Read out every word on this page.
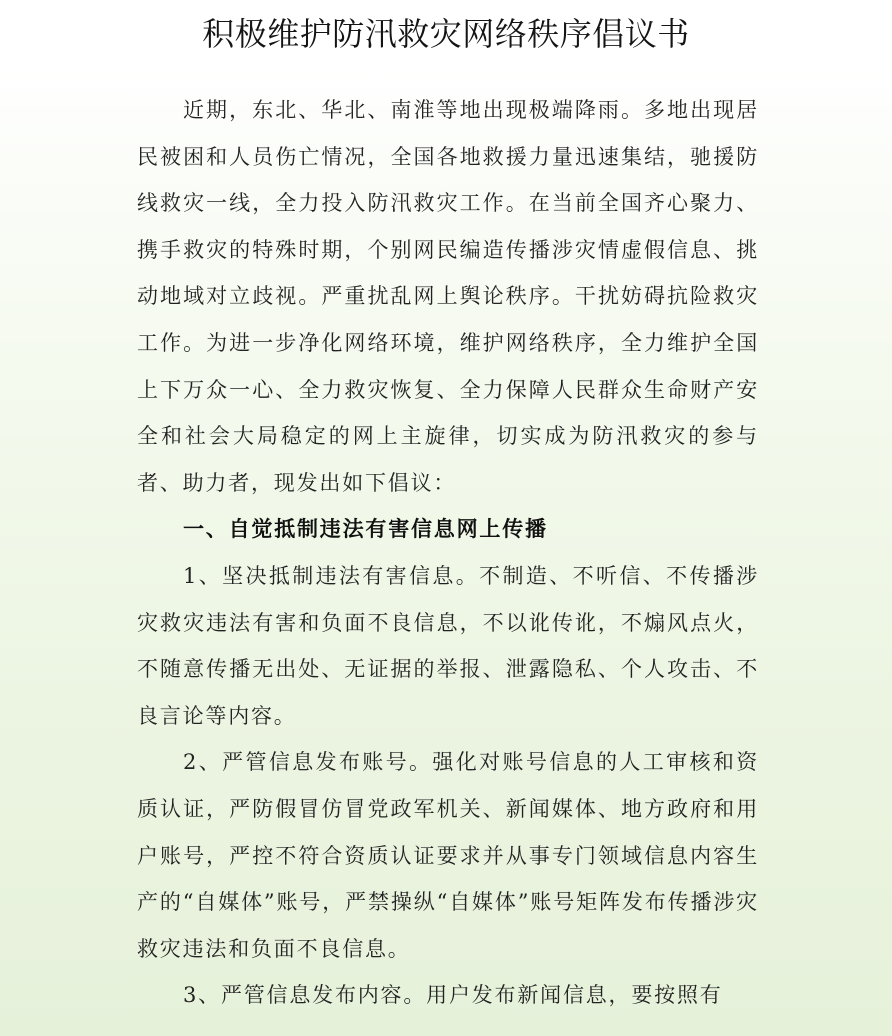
积极维护防汛救灾网络秩序倡议书

近期，东北、华北、南淮等地出现极端降雨。多地出现居民被困和人员伤亡情况，全国各地救援力量迅速集结，驰援防线救灾一线，全力投入防汛救灾工作。在当前全国齐心聚力、携手救灾的特殊时期，个别网民编造传播涉灾情虚假信息、挑动地域对立歧视。严重扰乱网上舆论秩序。干扰妨碍抗险救灾工作。为进一步净化网络环境，维护网络秩序，全力维护全国上下万众一心、全力救灾恢复、全力保障人民群众生命财产安全和社会大局稳定的网上主旋律，切实成为防汛救灾的参与者、助力者，现发出如下倡议：

一、自觉抵制违法有害信息网上传播

1、坚决抵制违法有害信息。不制造、不听信、不传播涉灾救灾违法有害和负面不良信息，不以讹传讹，不煽风点火，不随意传播无出处、无证据的举报、泄露隐私、个人攻击、不良言论等内容。

2、严管信息发布账号。强化对账号信息的人工审核和资质认证，严防假冒仿冒党政军机关、新闻媒体、地方政府和用户账号，严控不符合资质认证要求并从事专门领域信息内容生产的“自媒体”账号，严禁操纵“自媒体”账号矩阵发布传播涉灾救灾违法和负面不良信息。

3、严管信息发布内容。用户发布新闻信息，要按照有
